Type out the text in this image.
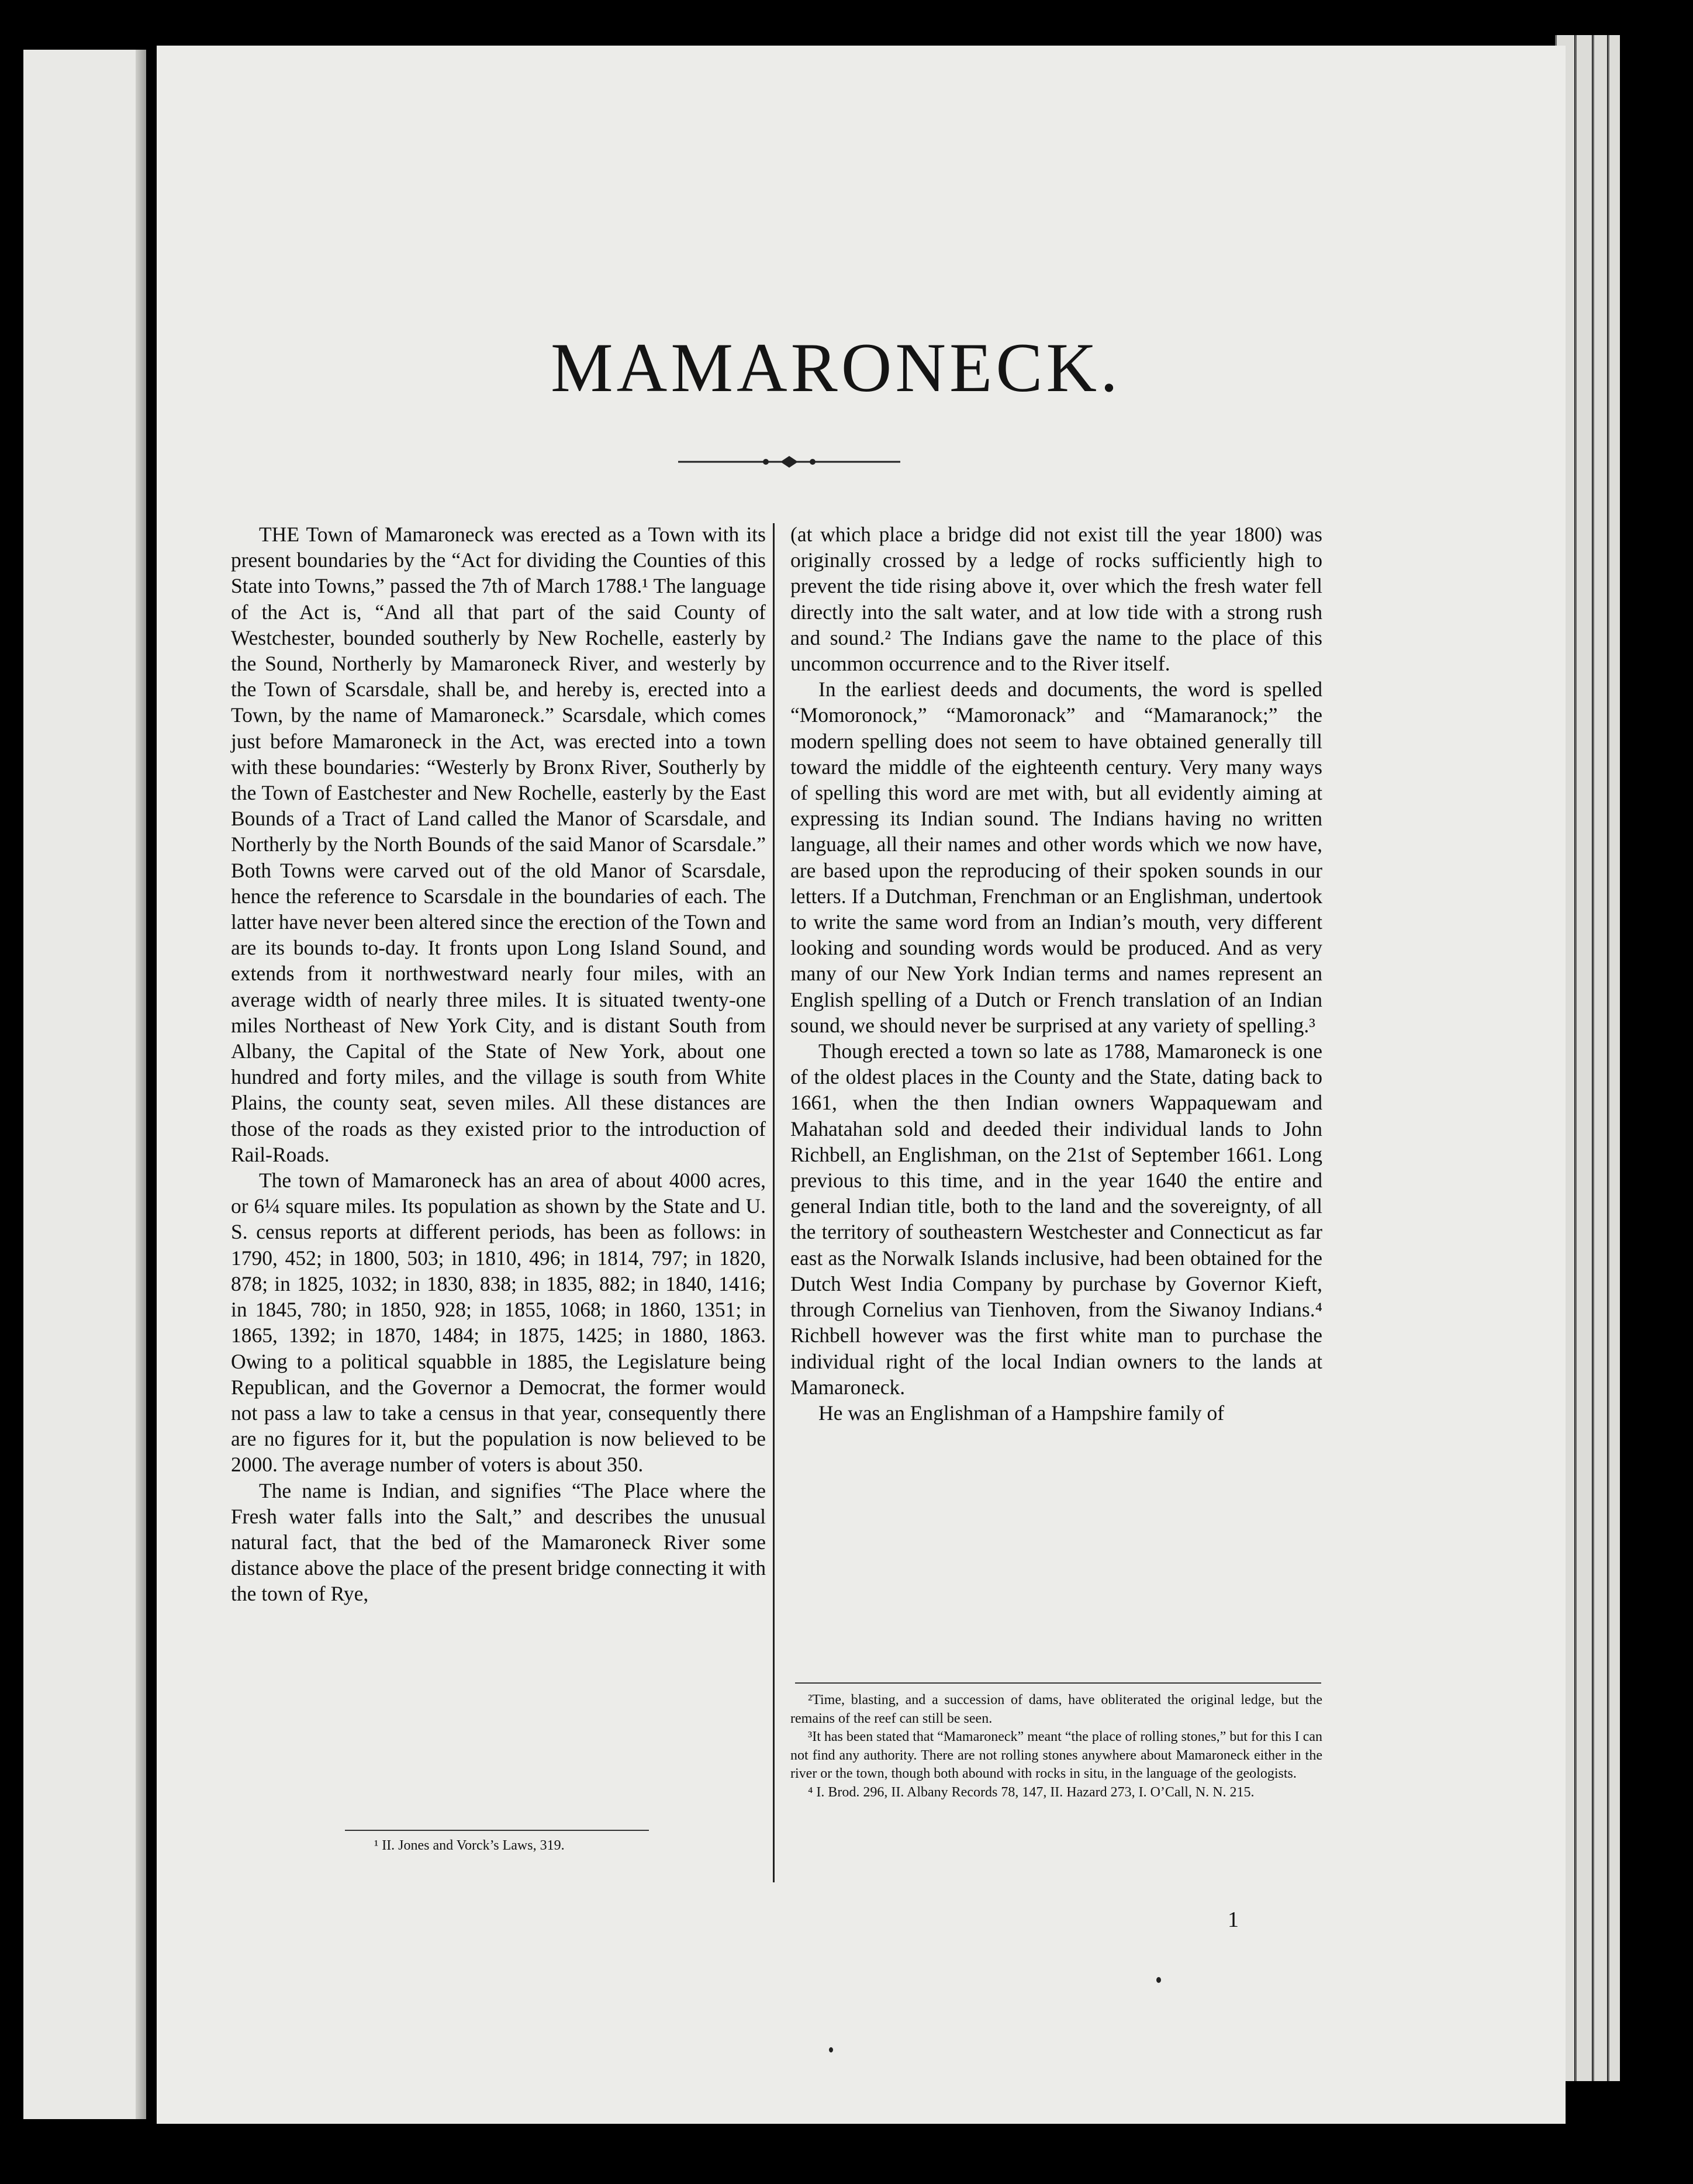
MAMARONECK.

THE Town of Mamaroneck was erected as a Town with its present boundaries by the “Act for dividing the Counties of this State into Towns,” passed the 7th of March 1788.¹ The language of the Act is, “And all that part of the said County of Westchester, bounded southerly by New Rochelle, easterly by the Sound, Northerly by Mamaroneck River, and westerly by the Town of Scarsdale, shall be, and hereby is, erected into a Town, by the name of Mamaroneck.” Scarsdale, which comes just before Mamaroneck in the Act, was erected into a town with these boundaries: “Westerly by Bronx River, Southerly by the Town of Eastchester and New Rochelle, easterly by the East Bounds of a Tract of Land called the Manor of Scarsdale, and Northerly by the North Bounds of the said Manor of Scarsdale.” Both Towns were carved out of the old Manor of Scarsdale, hence the reference to Scarsdale in the boundaries of each. The latter have never been altered since the erection of the Town and are its bounds to-day. It fronts upon Long Island Sound, and extends from it northwestward nearly four miles, with an average width of nearly three miles. It is situated twenty-one miles Northeast of New York City, and is distant South from Albany, the Capital of the State of New York, about one hundred and forty miles, and the village is south from White Plains, the county seat, seven miles. All these distances are those of the roads as they existed prior to the introduction of Rail-Roads.

The town of Mamaroneck has an area of about 4000 acres, or 6¼ square miles. Its population as shown by the State and U. S. census reports at different periods, has been as follows: in 1790, 452; in 1800, 503; in 1810, 496; in 1814, 797; in 1820, 878; in 1825, 1032; in 1830, 838; in 1835, 882; in 1840, 1416; in 1845, 780; in 1850, 928; in 1855, 1068; in 1860, 1351; in 1865, 1392; in 1870, 1484; in 1875, 1425; in 1880, 1863. Owing to a political squabble in 1885, the Legislature being Republican, and the Governor a Democrat, the former would not pass a law to take a census in that year, consequently there are no figures for it, but the population is now believed to be 2000. The average number of voters is about 350.

The name is Indian, and signifies “The Place where the Fresh water falls into the Salt,” and describes the unusual natural fact, that the bed of the Mamaroneck River some distance above the place of the present bridge connecting it with the town of Rye,

(at which place a bridge did not exist till the year 1800) was originally crossed by a ledge of rocks sufficiently high to prevent the tide rising above it, over which the fresh water fell directly into the salt water, and at low tide with a strong rush and sound.² The Indians gave the name to the place of this uncommon occurrence and to the River itself.

In the earliest deeds and documents, the word is spelled “Momoronock,” “Mamoronack” and “Mamaranock;” the modern spelling does not seem to have obtained generally till toward the middle of the eighteenth century. Very many ways of spelling this word are met with, but all evidently aiming at expressing its Indian sound. The Indians having no written language, all their names and other words which we now have, are based upon the reproducing of their spoken sounds in our letters. If a Dutchman, Frenchman or an Englishman, undertook to write the same word from an Indian’s mouth, very different looking and sounding words would be produced. And as very many of our New York Indian terms and names represent an English spelling of a Dutch or French translation of an Indian sound, we should never be surprised at any variety of spelling.³

Though erected a town so late as 1788, Mamaroneck is one of the oldest places in the County and the State, dating back to 1661, when the then Indian owners Wappaquewam and Mahatahan sold and deeded their individual lands to John Richbell, an Englishman, on the 21st of September 1661. Long previous to this time, and in the year 1640 the entire and general Indian title, both to the land and the sovereignty, of all the territory of southeastern Westchester and Connecticut as far east as the Norwalk Islands inclusive, had been obtained for the Dutch West India Company by purchase by Governor Kieft, through Cornelius van Tienhoven, from the Siwanoy Indians.⁴ Richbell however was the first white man to purchase the individual right of the local Indian owners to the lands at Mamaroneck.

He was an Englishman of a Hampshire family of

¹ II. Jones and Vorck’s Laws, 319.

²Time, blasting, and a succession of dams, have obliterated the original ledge, but the remains of the reef can still be seen.

³It has been stated that “Mamaroneck” meant “the place of rolling stones,” but for this I can not find any authority. There are not rolling stones anywhere about Mamaroneck either in the river or the town, though both abound with rocks in situ, in the language of the geologists.

⁴ I. Brod. 296, II. Albany Records 78, 147, II. Hazard 273, I. O’Call, N. N. 215.

1
